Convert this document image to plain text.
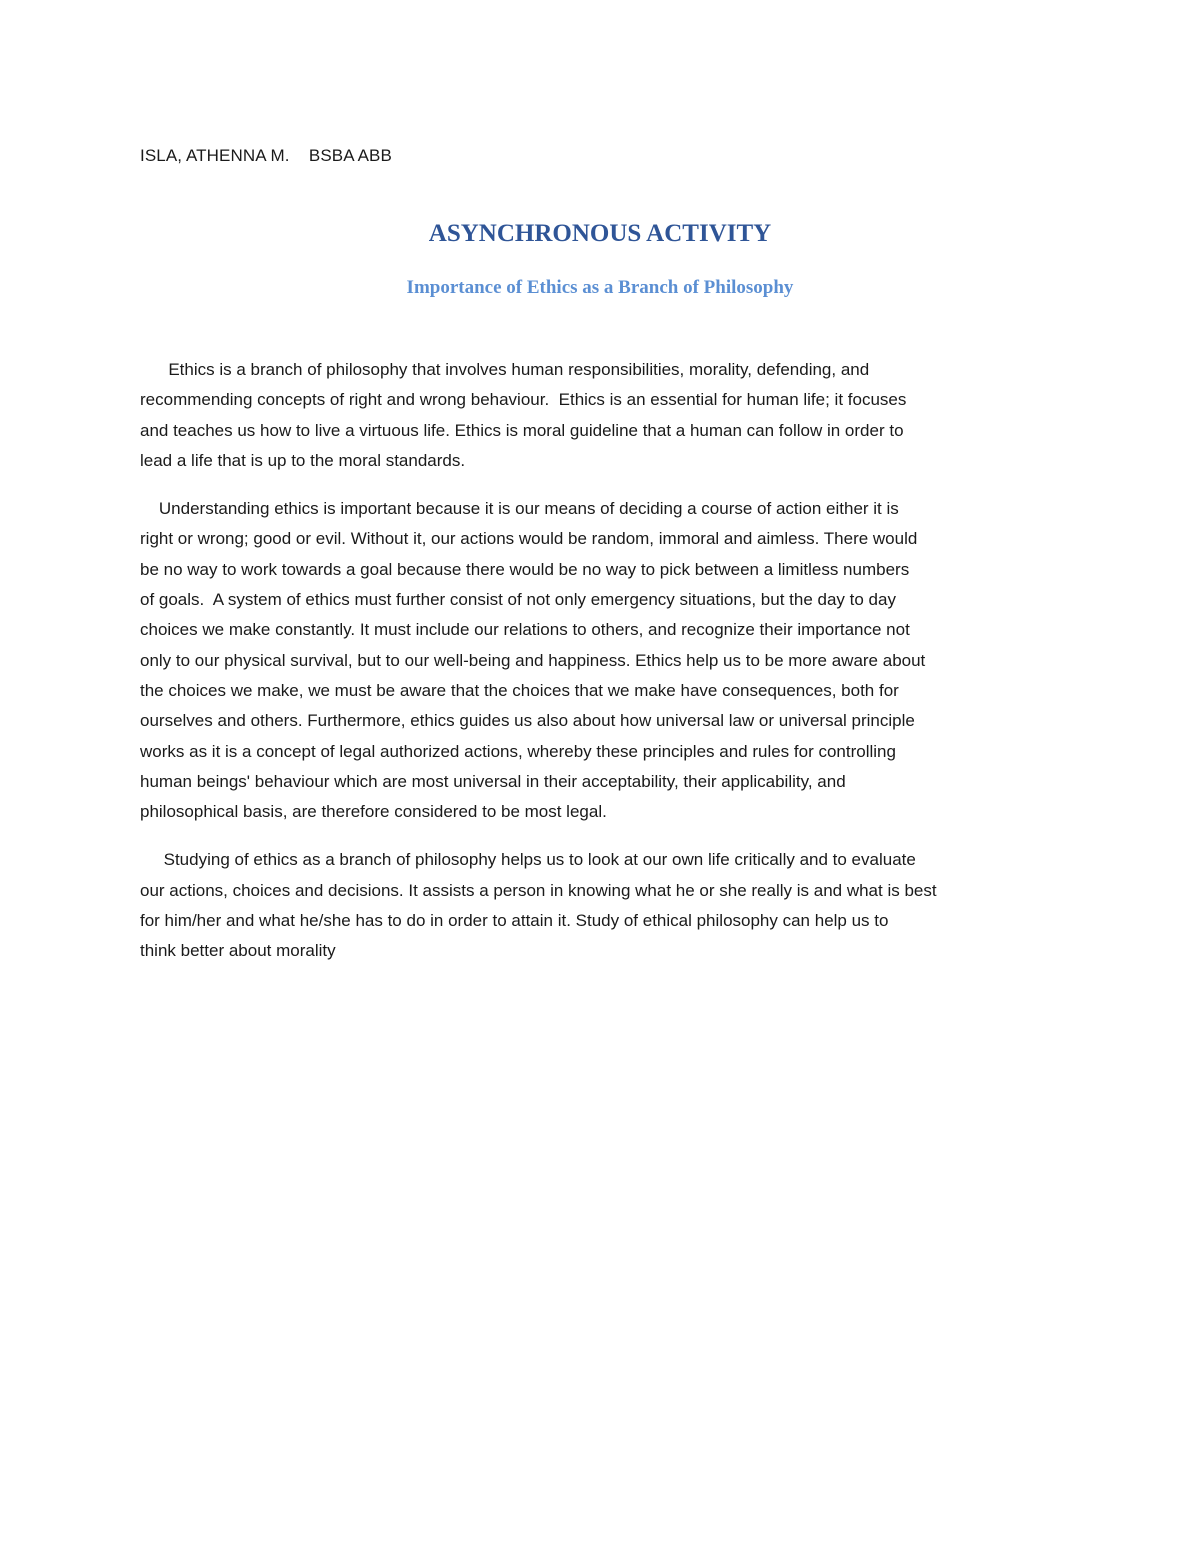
ISLA, ATHENNA M.    BSBA ABB
ASYNCHRONOUS ACTIVITY
Importance of Ethics as a Branch of Philosophy
Ethics is a branch of philosophy that involves human responsibilities, morality, defending, and
recommending concepts of right and wrong behaviour.  Ethics is an essential for human life; it focuses
and teaches us how to live a virtuous life. Ethics is moral guideline that a human can follow in order to
lead a life that is up to the moral standards.
Understanding ethics is important because it is our means of deciding a course of action either it is
right or wrong; good or evil. Without it, our actions would be random, immoral and aimless. There would
be no way to work towards a goal because there would be no way to pick between a limitless numbers
of goals.  A system of ethics must further consist of not only emergency situations, but the day to day
choices we make constantly. It must include our relations to others, and recognize their importance not
only to our physical survival, but to our well-being and happiness. Ethics help us to be more aware about
the choices we make, we must be aware that the choices that we make have consequences, both for
ourselves and others. Furthermore, ethics guides us also about how universal law or universal principle
works as it is a concept of legal authorized actions, whereby these principles and rules for controlling
human beings' behaviour which are most universal in their acceptability, their applicability, and
philosophical basis, are therefore considered to be most legal.
Studying of ethics as a branch of philosophy helps us to look at our own life critically and to evaluate
our actions, choices and decisions. It assists a person in knowing what he or she really is and what is best
for him/her and what he/she has to do in order to attain it. Study of ethical philosophy can help us to
think better about morality
